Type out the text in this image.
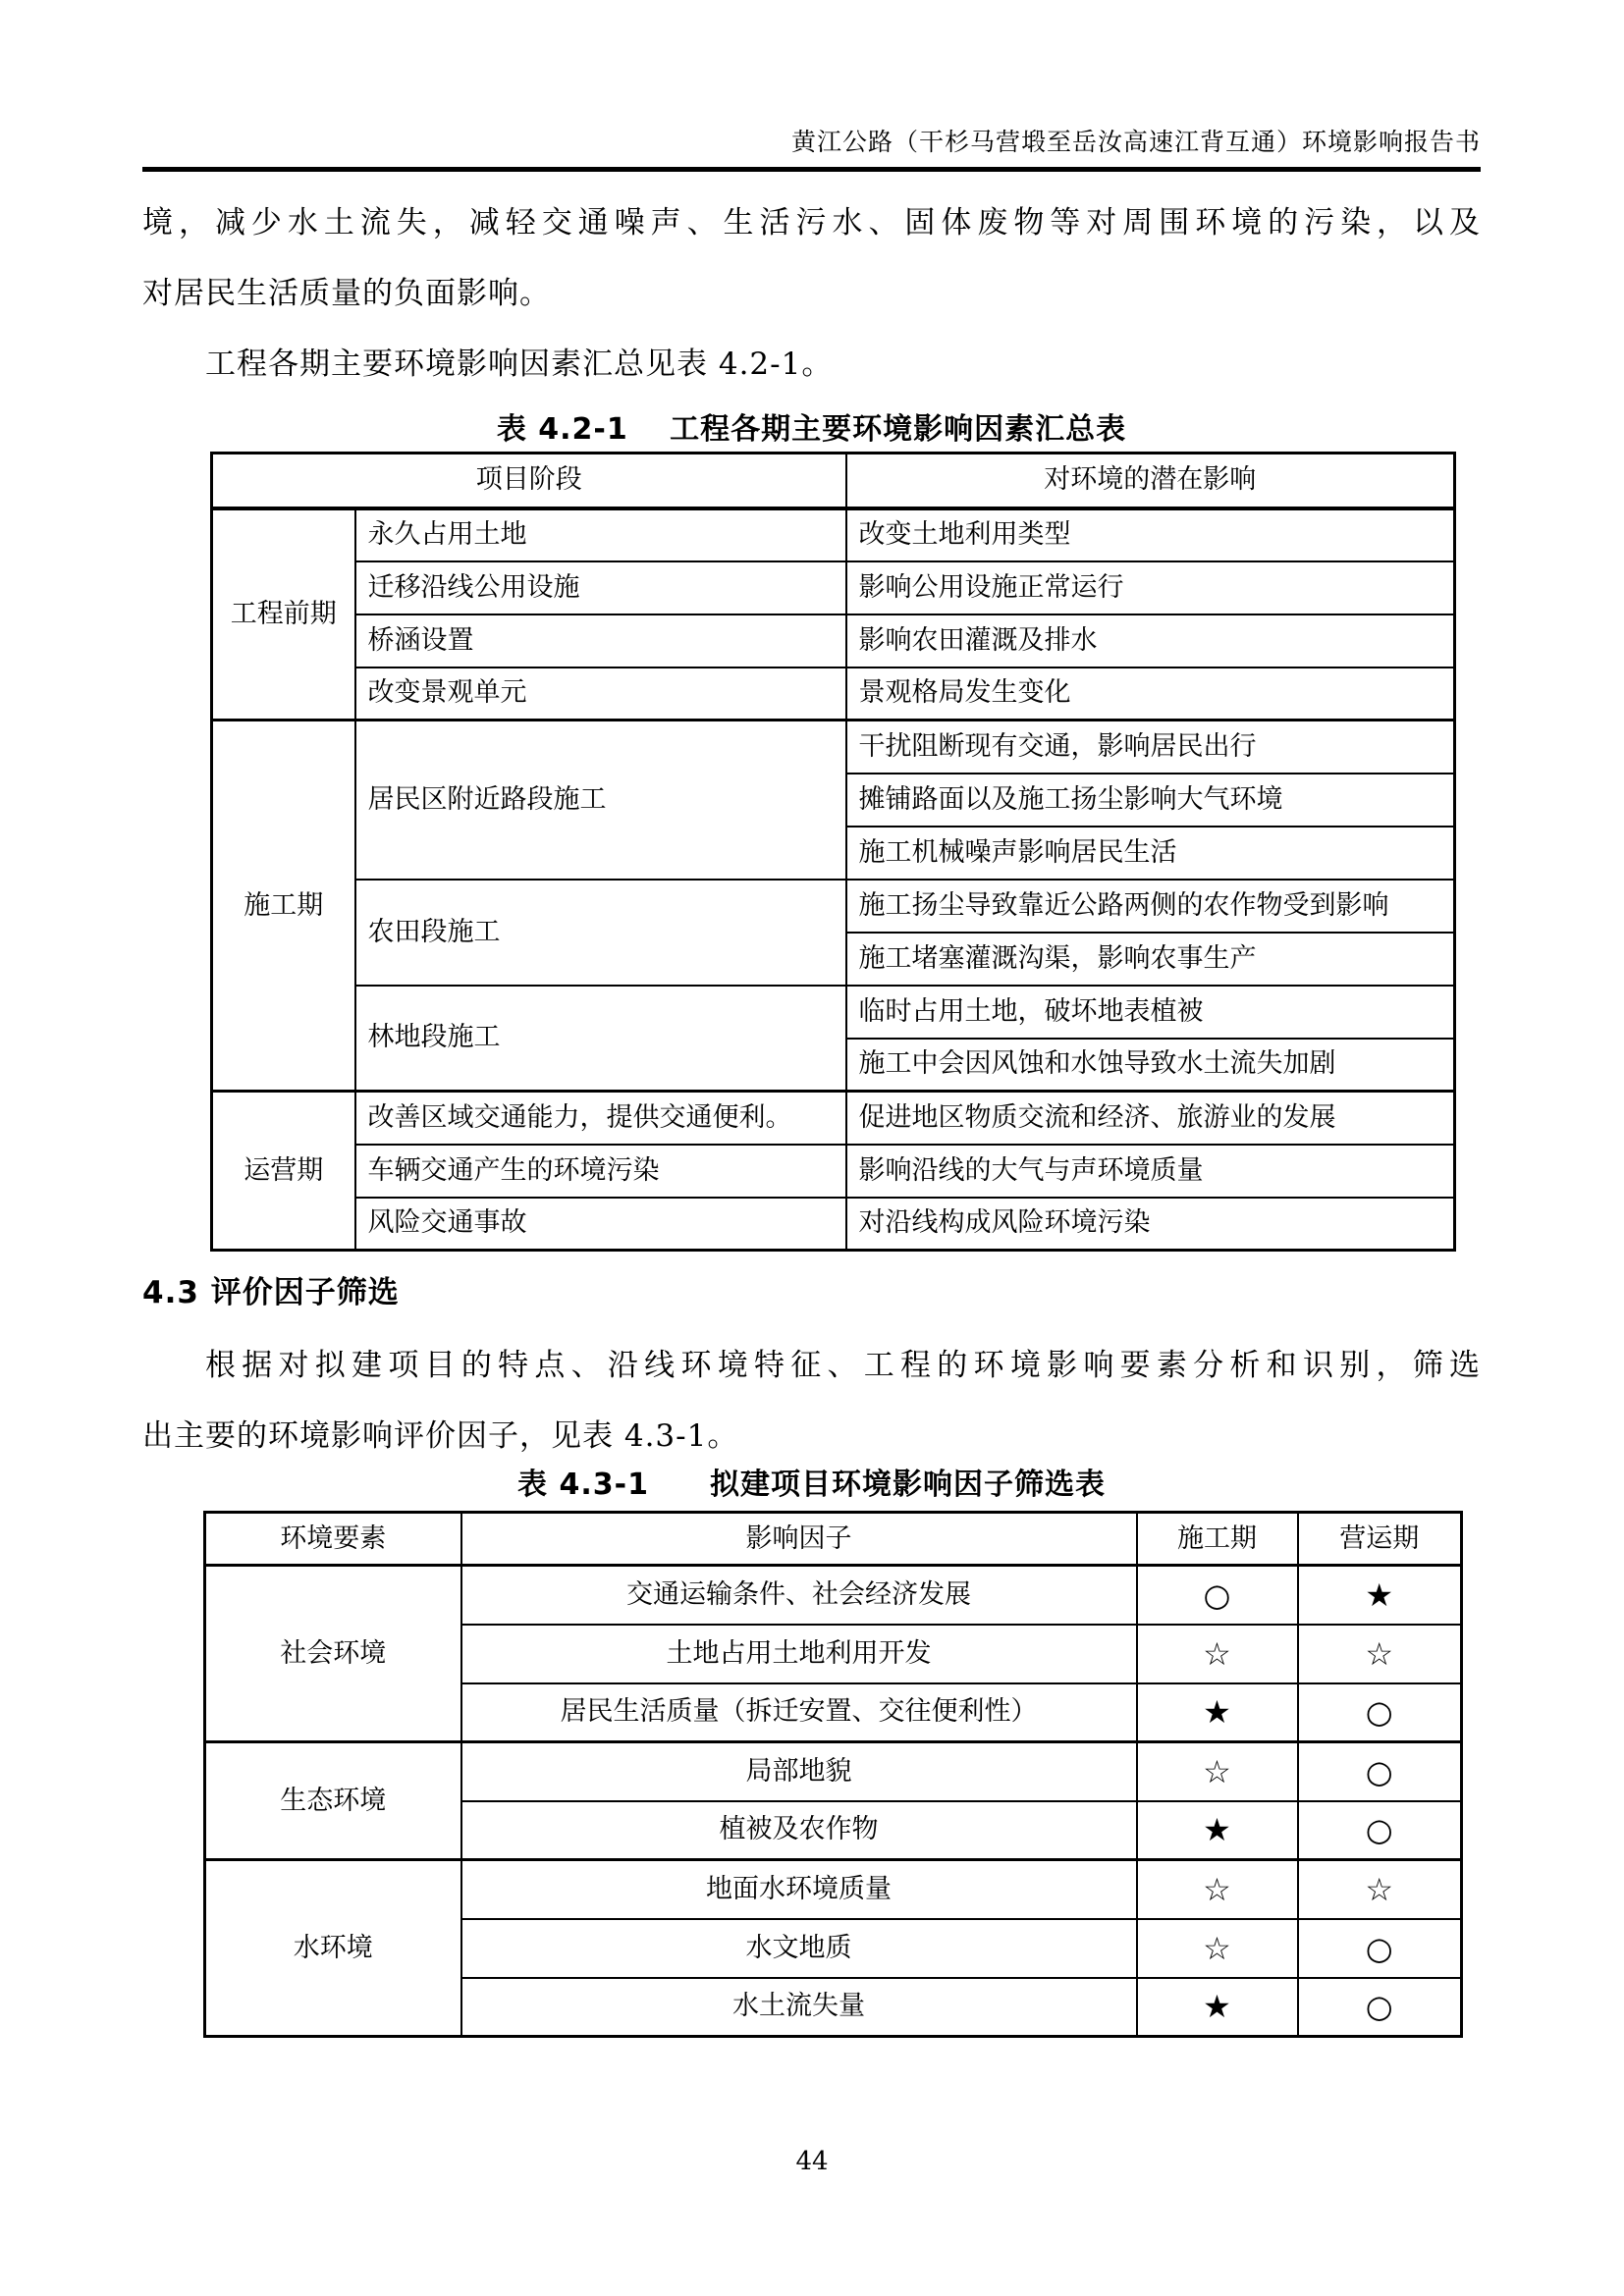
黄江公路（干杉马营塅至岳汝高速江背互通）环境影响报告书

境，减少水土流失，减轻交通噪声、生活污水、固体废物等对周围环境的污染，以及

对居民生活质量的负面影响。

工程各期主要环境影响因素汇总见表 4.2-1。

表 4.2-1　 工程各期主要环境影响因素汇总表
项目阶段		对环境的潜在影响
工程前期	永久占用土地	改变土地利用类型
	迁移沿线公用设施	影响公用设施正常运行
	桥涵设置	影响农田灌溉及排水
	改变景观单元	景观格局发生变化
施工期	居民区附近路段施工	干扰阻断现有交通，影响居民出行
		摊铺路面以及施工扬尘影响大气环境
		施工机械噪声影响居民生活
	农田段施工	施工扬尘导致靠近公路两侧的农作物受到影响
		施工堵塞灌溉沟渠，影响农事生产
	林地段施工	临时占用土地，破坏地表植被
		施工中会因风蚀和水蚀导致水土流失加剧
运营期	改善区域交通能力，提供交通便利。	促进地区物质交流和经济、旅游业的发展
	车辆交通产生的环境污染	影响沿线的大气与声环境质量
	风险交通事故	对沿线构成风险环境污染
4.3 评价因子筛选

根据对拟建项目的特点、沿线环境特征、工程的环境影响要素分析和识别，筛选

出主要的环境影响评价因子，见表 4.3-1。

表 4.3-1　　拟建项目环境影响因子筛选表
环境要素	影响因子	施工期	营运期
社会环境	交通运输条件、社会经济发展	○	★
	土地占用土地利用开发	☆	☆
	居民生活质量（拆迁安置、交往便利性）	★	○
生态环境	局部地貌	☆	○
	植被及农作物	★	○
水环境	地面水环境质量	☆	☆
	水文地质	☆	○
	水土流失量	★	○
44
